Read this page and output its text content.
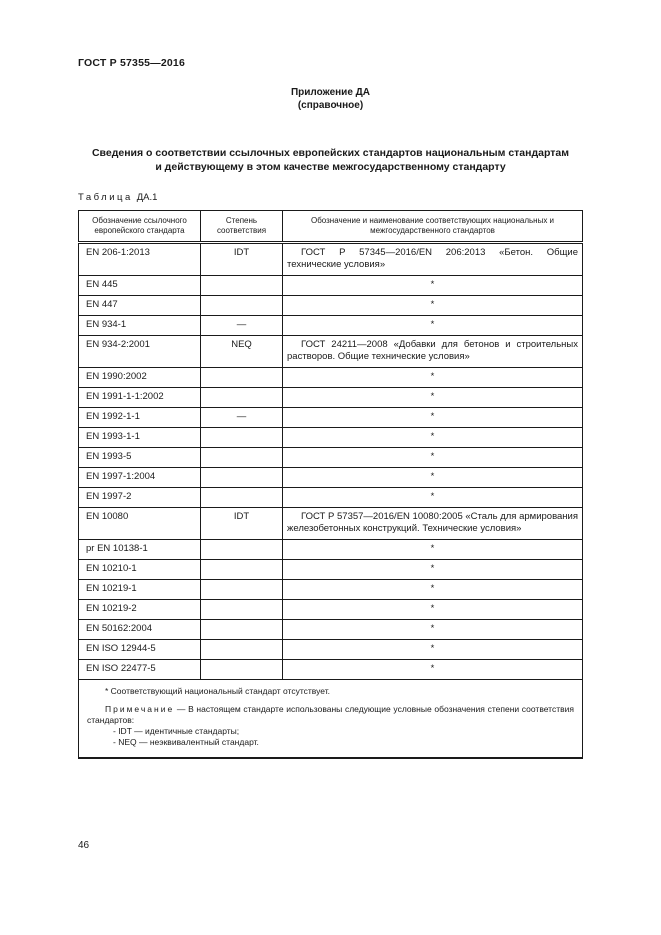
ГОСТ Р 57355—2016
Приложение ДА
(справочное)
Сведения о соответствии ссылочных европейских стандартов национальным стандартам
и действующему в этом качестве межгосударственному стандарту
Таблица ДА.1
Обозначение ссылочного европейского стандарта	Степень соответствия	Обозначение и наименование соответствующих национальных и межгосударственного стандартов
EN 206-1:2013	IDT	ГОСТ Р 57345—2016/EN 206:2013 «Бетон. Общие технические условия»
EN 445		*
EN 447		*
EN 934-1	—	*
EN 934-2:2001	NEQ	ГОСТ 24211—2008 «Добавки для бетонов и строительных растворов. Общие технические условия»
EN 1990:2002		*
EN 1991-1-1:2002		*
EN 1992-1-1	—	*
EN 1993-1-1		*
EN 1993-5		*
EN 1997-1:2004		*
EN 1997-2		*
EN 10080	IDT	ГОСТ Р 57357—2016/EN 10080:2005 «Сталь для армирования железобетонных конструкций. Технические условия»
pr EN 10138-1		*
EN 10210-1		*
EN 10219-1		*
EN 10219-2		*
EN 50162:2004		*
EN ISO 12944-5		*
EN ISO 22477-5		*

* Соответствующий национальный стандарт отсутствует.
Примечание — В настоящем стандарте использованы следующие условные обозначения степени соответствия стандартов:
- IDT — идентичные стандарты;
- NEQ — неэквивалентный стандарт.		
46
